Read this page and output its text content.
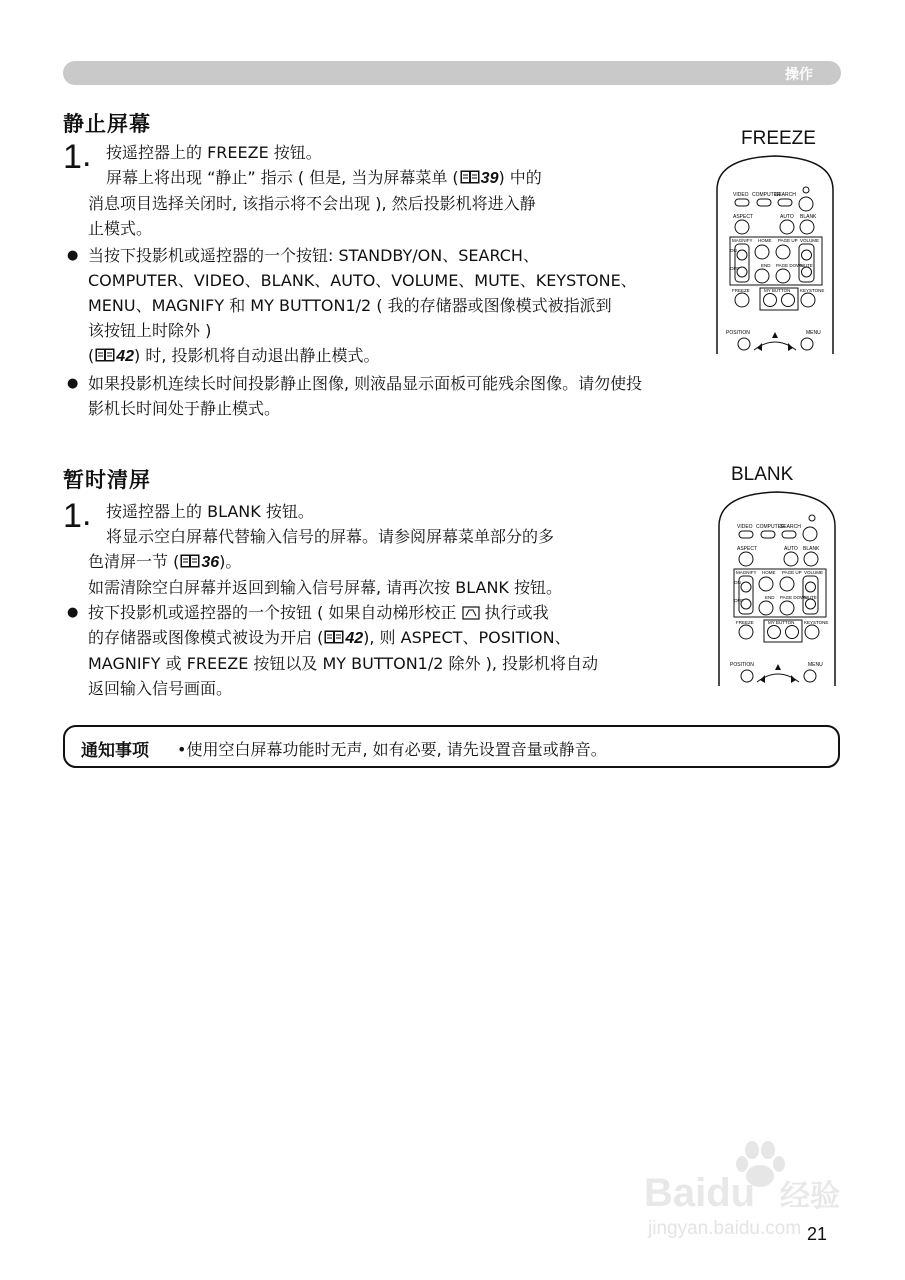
操作
静止屏幕
1 . 按遥控器上的 FREEZE 按钮。
屏幕上将出现 “静止” 指示 ( 但是, 当为屏幕菜单 ( 39) 中的
消息项目选择关闭时, 该指示将不会出现 ), 然后投影机将进入静
止模式。
● 当按下投影机或遥控器的一个按钮: STANDBY/ON、SEARCH、
COMPUTER、VIDEO、BLANK、AUTO、VOLUME、MUTE、KEYSTONE、
MENU、MAGNIFY 和 MY BUTTON1/2 ( 我的存储器或图像模式被指派到
该按钮上时除外 )
( 42) 时, 投影机将自动退出静止模式。
● 如果投影机连续长时间投影静止图像, 则液晶显示面板可能残余图像。请勿使投
影机长时间处于静止模式。
FREEZE
VIDEO COMPUTER
SEARCH
ASPECT	AUTO BLANK
MAGNIFY HOME PAGE UP VOLUME
ON
OFF
END PAGE DOWN
MUTE
FREEZE	MY BUTTON KEYSTONE
POSITION	MENU
暂时清屏
1 . 按遥控器上的 BLANK 按钮。
将显示空白屏幕代替输入信号的屏幕。请参阅屏幕菜单部分的多
色清屏一节 ( 36)。
如需清除空白屏幕并返回到输入信号屏幕, 请再次按 BLANK 按钮。
● 按下投影机或遥控器的一个按钮 ( 如果自动梯形校正 执行或我
的存储器或图像模式被设为开启 ( 42), 则 ASPECT、POSITION、
MAGNIFY 或 FREEZE 按钮以及 MY BUTTON1/2 除外 ), 投影机将自动
返回输入信号画面。
BLANK
VIDEO COMPUTER
SEARCH
ASPECT	AUTO BLANK
MAGNIFY HOME PAGE UP VOLUME
ON
OFF
END PAGE DOWN
MUTE
FREEZE	MY BUTTON KEYSTONE
POSITION	MENU
通知事项 •使用空白屏幕功能时无声, 如有必要, 请先设置音量或静音。
Baidu 经验
jingyan.baidu.com 21
